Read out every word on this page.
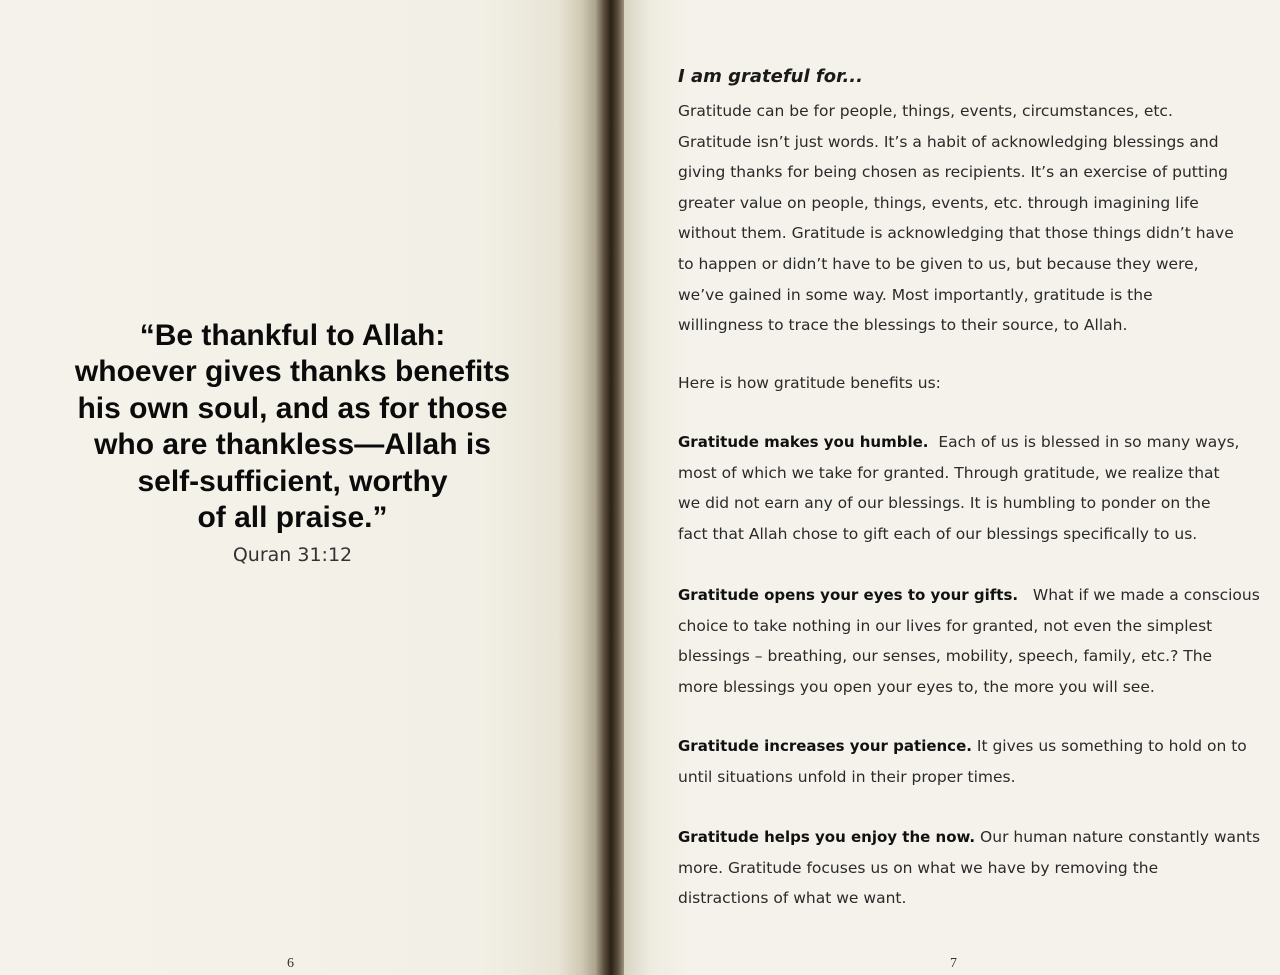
“Be thankful to Allah:
whoever gives thanks benefits
his own soul, and as for those
who are thankless—Allah is
self-sufficient, worthy
of all praise.”

Quran 31:12
6
I am grateful for...

Gratitude can be for people, things, events, circumstances, etc.
Gratitude isn’t just words. It’s a habit of acknowledging blessings and
giving thanks for being chosen as recipients. It’s an exercise of putting
greater value on people, things, events, etc. through imagining life
without them. Gratitude is acknowledging that those things didn’t have
to happen or didn’t have to be given to us, but because they were,
we’ve gained in some way. Most importantly, gratitude is the
willingness to trace the blessings to their source, to Allah.

Here is how gratitude benefits us:

Gratitude makes you humble.  Each of us is blessed in so many ways,
most of which we take for granted. Through gratitude, we realize that
we did not earn any of our blessings. It is humbling to ponder on the
fact that Allah chose to gift each of our blessings specifically to us.

Gratitude opens your eyes to your gifts.   What if we made a conscious
choice to take nothing in our lives for granted, not even the simplest
blessings – breathing, our senses, mobility, speech, family, etc.? The
more blessings you open your eyes to, the more you will see.

Gratitude increases your patience. It gives us something to hold on to
until situations unfold in their proper times.

Gratitude helps you enjoy the now. Our human nature constantly wants
more. Gratitude focuses us on what we have by removing the
distractions of what we want.

7
